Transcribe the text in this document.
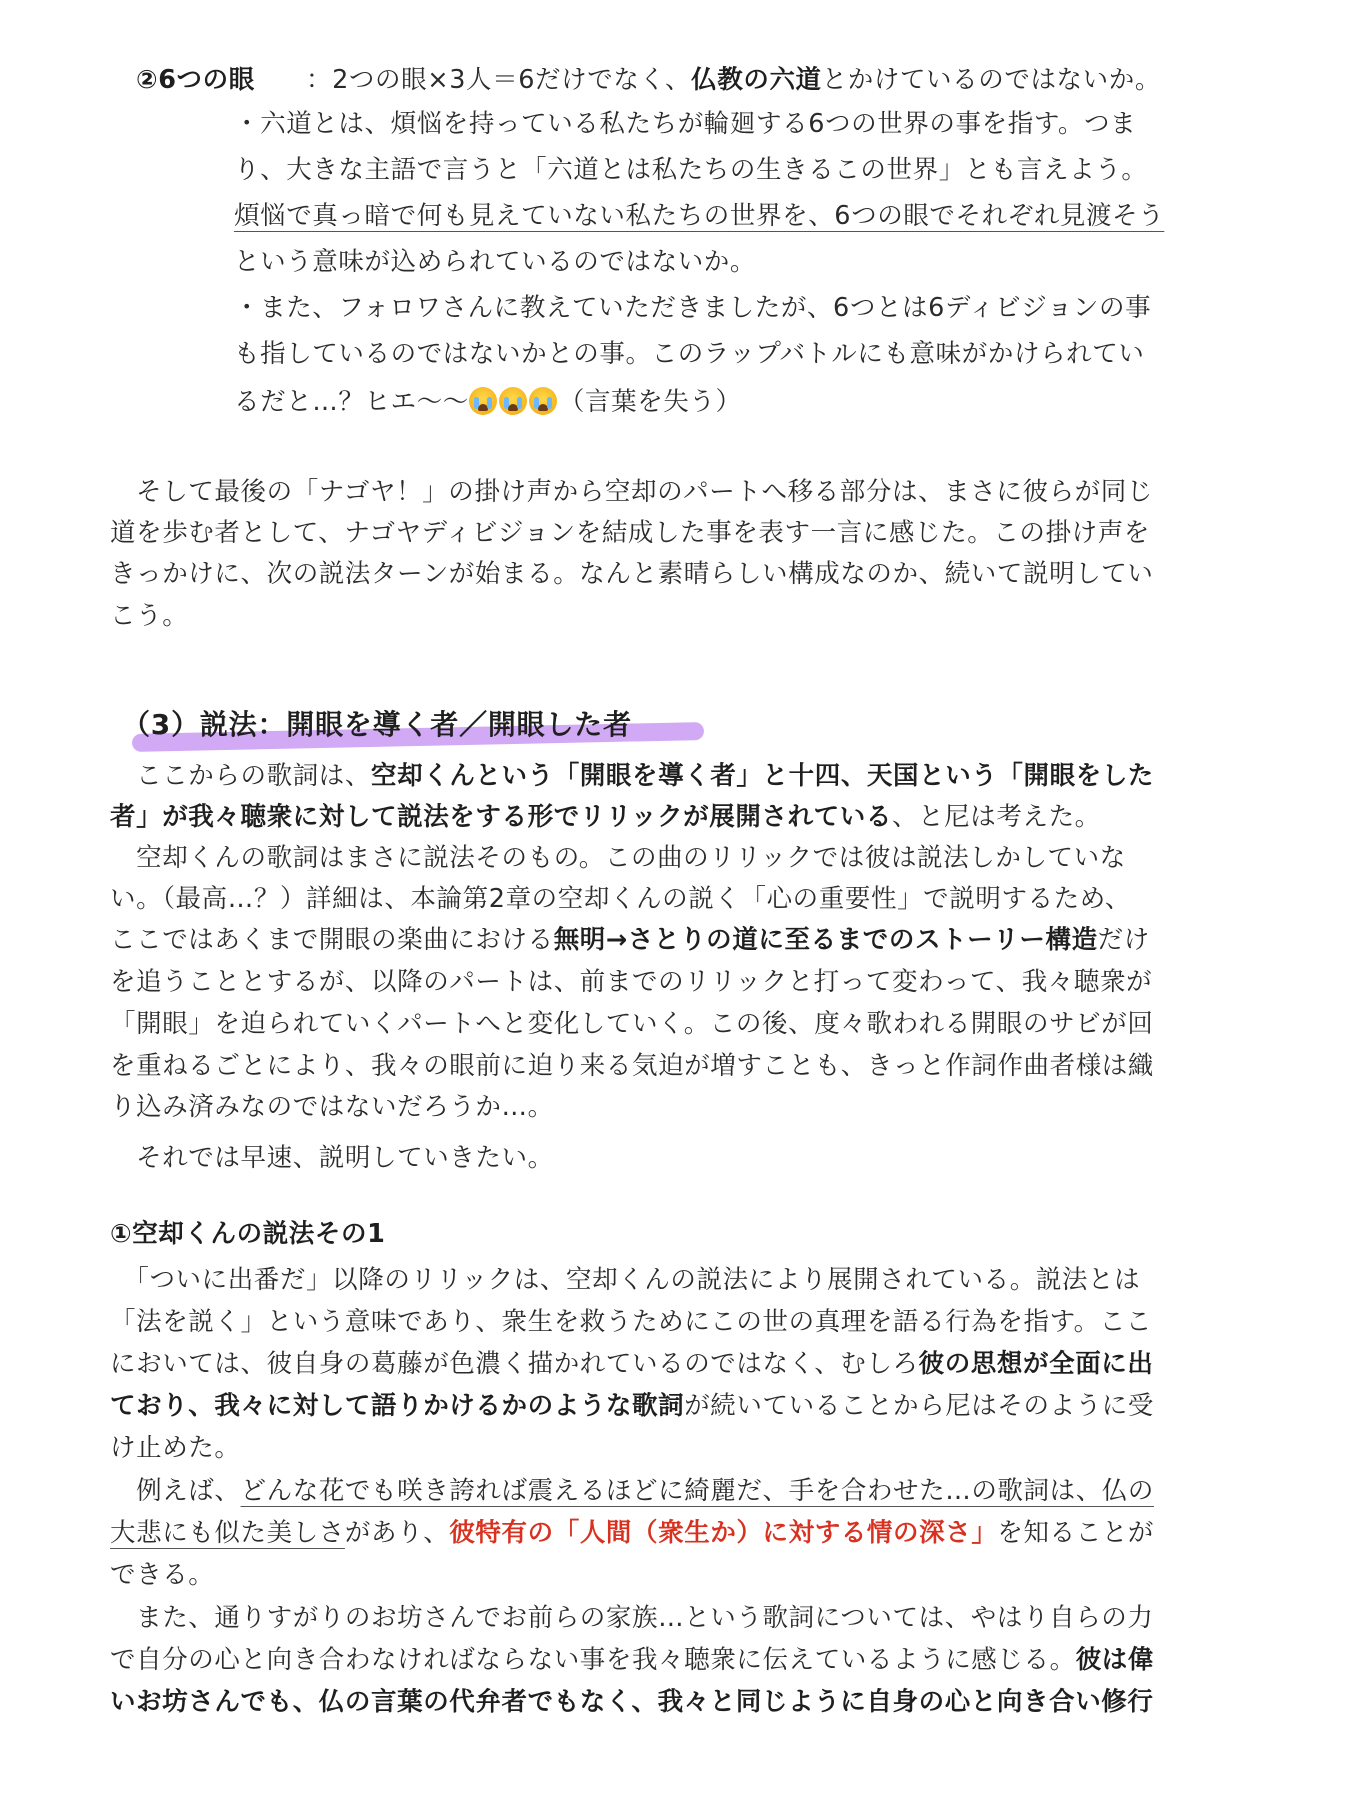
②6つの眼 ：2つの眼×3人＝6だけでなく、仏教の六道とかけているのではないか。
・六道とは、煩悩を持っている私たちが輪廻する6つの世界の事を指す。つま
り、大きな主語で言うと「六道とは私たちの生きるこの世界」とも言えよう。
煩悩で真っ暗で何も見えていない私たちの世界を、6つの眼でそれぞれ見渡そう
という意味が込められているのではないか。
・また、フォロワさんに教えていただきましたが、6つとは6ディビジョンの事
も指しているのではないかとの事。このラップバトルにも意味がかけられてい
るだと…？ヒエ〜〜	（言葉を失う）
　そして最後の「ナゴヤ！」の掛け声から空却のパートへ移る部分は、まさに彼らが同じ
道を歩む者として、ナゴヤディビジョンを結成した事を表す一言に感じた。この掛け声を
きっかけに、次の説法ターンが始まる。なんと素晴らしい構成なのか、続いて説明してい
こう。
（3）説法：開眼を導く者／開眼した者
　ここからの歌詞は、空却くんという「開眼を導く者」と十四、天国という「開眼をした
者」が我々聴衆に対して説法をする形でリリックが展開されている、と尼は考えた。
　空却くんの歌詞はまさに説法そのもの。この曲のリリックでは彼は説法しかしていな
い。（最高…？）詳細は、本論第2章の空却くんの説く「心の重要性」で説明するため、
ここではあくまで開眼の楽曲における無明→さとりの道に至るまでのストーリー構造だけ
を追うこととするが、以降のパートは、前までのリリックと打って変わって、我々聴衆が
「開眼」を迫られていくパートへと変化していく。この後、度々歌われる開眼のサビが回
を重ねるごとにより、我々の眼前に迫り来る気迫が増すことも、きっと作詞作曲者様は織
り込み済みなのではないだろうか…。
　それでは早速、説明していきたい。
①空却くんの説法その1
　「ついに出番だ」以降のリリックは、空却くんの説法により展開されている。説法とは
「法を説く」という意味であり、衆生を救うためにこの世の真理を語る行為を指す。ここ
においては、彼自身の葛藤が色濃く描かれているのではなく、むしろ彼の思想が全面に出
ており、我々に対して語りかけるかのような歌詞が続いていることから尼はそのように受
け止めた。
　例えば、どんな花でも咲き誇れば震えるほどに綺麗だ、手を合わせた…の歌詞は、仏の
大悲にも似た美しさがあり、彼特有の「人間（衆生か）に対する情の深さ」を知ることが
できる。
　また、通りすがりのお坊さんでお前らの家族…という歌詞については、やはり自らの力
で自分の心と向き合わなければならない事を我々聴衆に伝えているように感じる。彼は偉
いお坊さんでも、仏の言葉の代弁者でもなく、我々と同じように自身の心と向き合い修行
